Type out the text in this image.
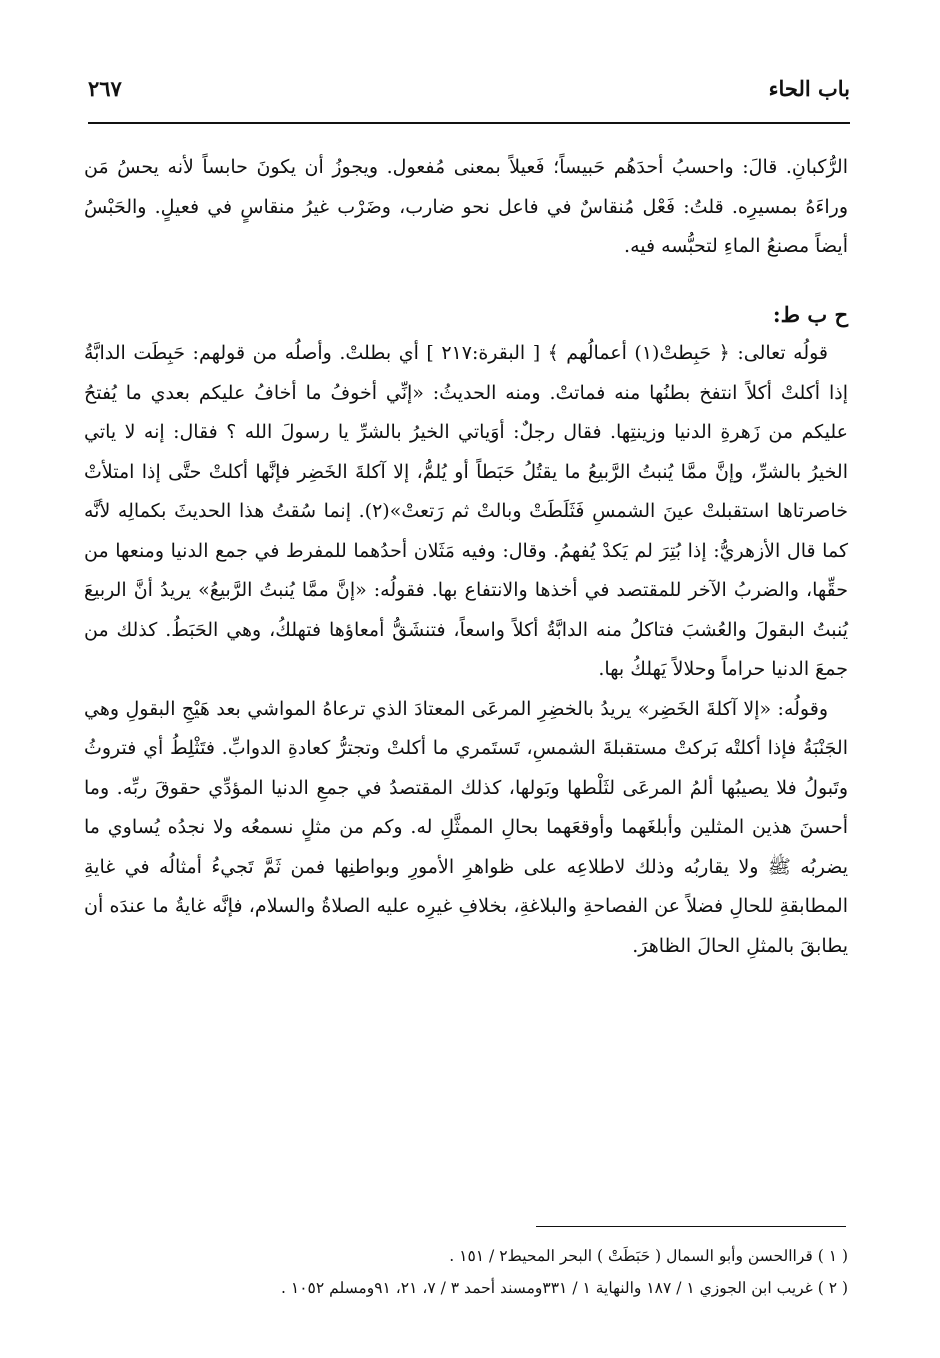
باب الحاء
٢٦٧

الرُّكبانِ. قالَ: واحسبُ أحدَهُم حَبيساً؛ فَعيلاً بمعنى مُفعول. ويجوزُ أن يكونَ حابساً لأنه يحسُ مَن وراءَهُ بمسيرِه. قلتُ: فَعْل مُنقاسٌ في فاعل نحو ضارب، وضَرْب غيرُ منقاسٍ في فعيلٍ. والحَبْسُ أيضاً مصنعُ الماءِ لتحبُّسه فيه.

ح ب ط:

قولُه تعالى: ﴿ حَبِطتْ(١) أعمالُهم ﴾ [ البقرة:٢١٧ ] أي بطلتْ. وأصلُه من قولهم: حَبِطَت الدابَّةُ إذا أكلتْ أكلاً انتفخ بطنُها منه فماتتْ. ومنه الحديثُ: «إنِّي أخوفُ ما أخافُ عليكم بعدي ما يُفتحُ عليكم من زَهرةِ الدنيا وزينتِها. فقال رجلٌ: أوَياتي الخيرُ بالشرِّ يا رسولَ الله ؟ فقال: إنه لا ياتي الخيرُ بالشرِّ، وإنَّ ممَّا يُنبتُ الرَّبيعُ ما يقتُلُ حَبَطاً أو يُلمُّ، إلا آكلةَ الخَضِر فإنَّها أكلتْ حتَّى إذا امتلأتْ خاصرتاها استقبلتْ عينَ الشمسِ فَثَلَطَتْ وبالتْ ثم رَتعتْ»(٢). إنما سُقتُ هذا الحديثَ بكمالِه لأنَّه كما قال الأزهريُّ: إذا بُتِرَ لم يَكدْ يُفهمُ. وقال: وفيه مَثَلان أحدُهما للمفرط في جمع الدنيا ومنعها من حقِّها، والضربُ الآخر للمقتصد في أخذها والانتفاع بها. فقولُه: «إنَّ ممَّا يُنبتُ الرَّبيعُ» يريدُ أنَّ الربيعَ يُنبتُ البقولَ والعُشبَ فتاكلُ منه الدابَّةُ أكلاً واسعاً، فتنشَقُّ أمعاؤها فتهلكُ، وهي الحَبَطُ. كذلك من جمعَ الدنيا حراماً وحلالاً يَهلكُ بها.

وقولُه: «إلا آكلةَ الخَضِر» يريدُ بالخضِرِ المرعَى المعتادَ الذي ترعاهُ المواشي بعد هَيْجِ البقولِ وهي الجَنْبَةُ فإذا أكلتْه بَركتْ مستقبلةَ الشمسِ، تَستَمري ما أكلتْ وتجترُّ كعادةِ الدوابِّ. فتَثْلِطُ أي فتروثُ وتَبولُ فلا يصيبُها ألمُ المرعَى لثَلْطها وبَولها، كذلك المقتصدُ في جمعِ الدنيا المؤدِّي حقوقَ ربِّه. وما أحسنَ هذين المثلين وأبلغَهما وأوقعَهما بحالِ الممثَّلِ له. وكم من مثلٍ نسمعُه ولا نجدُه يُساوي ما يضربُه ﷺ ولا يقاربُه وذلك لاطلاعِه على ظواهرِ الأمورِ وبواطنِها فمن ثَمَّ تَجيءُ أمثالُه في غايةِ المطابقةِ للحالِ فضلاً عن الفصاحةِ والبلاغةِ، بخلافِ غيرِه عليه الصلاةُ والسلام، فإنَّه غايةُ ما عندَه أن يطابقَ بالمثلِ الحالَ الظاهرَ.

( ١ ) قراالحسن وأبو السمال ( حَبَطَتْ ) البحر المحيط٢ / ١٥١ .

( ٢ ) غريب ابن الجوزي ١ / ١٨٧ والنهاية ١ / ٣٣١ومسند أحمد ٣ / ٧، ٢١، ٩١ومسلم ١٠٥٢ .
